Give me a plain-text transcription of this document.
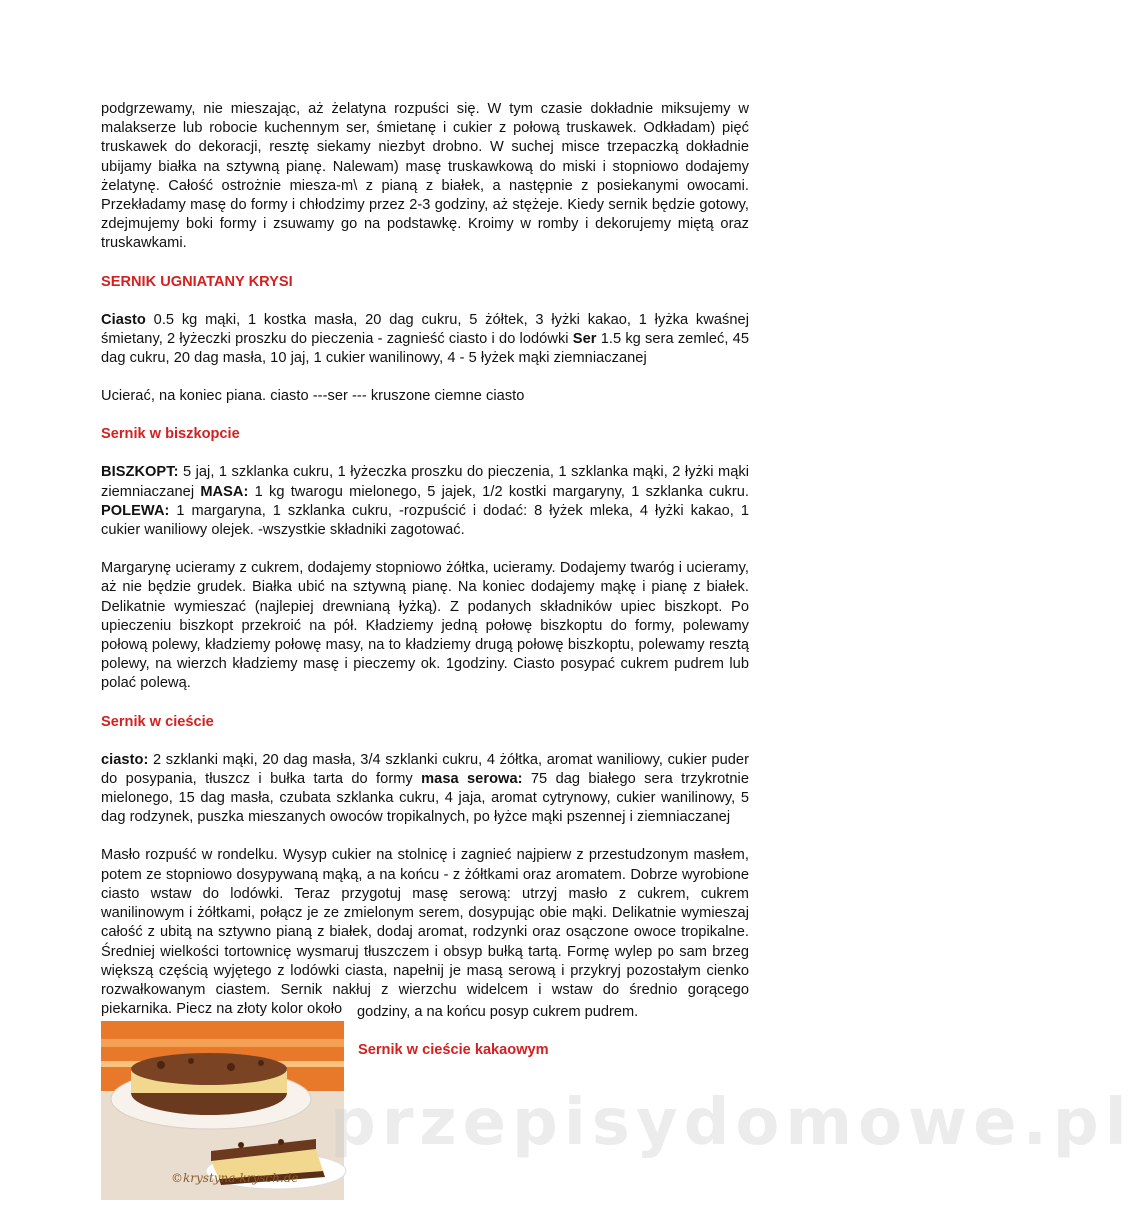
podgrzewamy, nie mieszając, aż żelatyna rozpuści się. W tym czasie dokładnie miksujemy w malakserze lub robocie kuchennym ser, śmietanę i cukier z połową truskawek. Odkładam) pięć truskawek do dekoracji, resztę siekamy niezbyt drobno. W suchej misce trzepaczką dokładnie ubijamy białka na sztywną pianę. Nalewam) masę truskawkową do miski i stopniowo dodajemy żelatynę. Całość ostrożnie miesza-m\ z pianą z białek, a następnie z posiekanymi owocami. Przekładamy masę do formy i chłodzimy przez 2-3 godziny, aż stężeje. Kiedy sernik będzie gotowy, zdejmujemy boki formy i zsuwamy go na podstawkę. Kroimy w romby i dekorujemy miętą oraz truskawkami.

SERNIK UGNIATANY KRYSI

Ciasto 0.5 kg mąki, 1 kostka masła, 20 dag cukru, 5 żółtek, 3 łyżki kakao, 1 łyżka kwaśnej śmietany, 2 łyżeczki proszku do pieczenia - zagnieść ciasto i do lodówki Ser 1.5 kg sera zemleć, 45 dag cukru, 20 dag masła, 10 jaj, 1 cukier wanilinowy, 4 - 5 łyżek mąki ziemniaczanej

Ucierać, na koniec piana. ciasto ---ser --- kruszone ciemne ciasto

Sernik w biszkopcie

BISZKOPT: 5 jaj, 1 szklanka cukru, 1 łyżeczka proszku do pieczenia, 1 szklanka mąki, 2 łyżki mąki ziemniaczanej MASA: 1 kg twarogu mielonego, 5 jajek, 1/2 kostki margaryny, 1 szklanka cukru. POLEWA: 1 margaryna, 1 szklanka cukru, -rozpuścić i dodać: 8 łyżek mleka, 4 łyżki kakao, 1 cukier waniliowy olejek. -wszystkie składniki zagotować.

Margarynę ucieramy z cukrem, dodajemy stopniowo żółtka, ucieramy. Dodajemy twaróg i ucieramy, aż nie będzie grudek. Białka ubić na sztywną pianę. Na koniec dodajemy mąkę i pianę z białek. Delikatnie wymieszać (najlepiej drewnianą łyżką). Z podanych składników upiec biszkopt. Po upieczeniu biszkopt przekroić na pół. Kładziemy jedną połowę biszkoptu do formy, polewamy połową polewy, kładziemy połowę masy, na to kładziemy drugą połowę biszkoptu, polewamy resztą polewy, na wierzch kładziemy masę i pieczemy ok. 1godziny. Ciasto posypać cukrem pudrem lub polać polewą.

Sernik w cieście

ciasto: 2 szklanki mąki, 20 dag masła, 3/4 szklanki cukru, 4 żółtka, aromat waniliowy, cukier puder do posypania, tłuszcz i bułka tarta do formy masa serowa: 75 dag białego sera trzykrotnie mielonego, 15 dag masła, czubata szklanka cukru, 4 jaja, aromat cytrynowy, cukier wanilinowy, 5 dag rodzynek, puszka mieszanych owoców tropikalnych, po łyżce mąki pszennej i ziemniaczanej

Masło rozpuść w rondelku. Wysyp cukier na stolnicę i zagnieć najpierw z przestudzonym masłem, potem ze stopniowo dosypywaną mąką, a na końcu - z żółtkami oraz aromatem. Dobrze wyrobione ciasto wstaw do lodówki. Teraz przygotuj masę serową: utrzyj masło z cukrem, cukrem wanilinowym i żółtkami, połącz je ze zmielonym serem, dosypując obie mąki. Delikatnie wymieszaj całość z ubitą na sztywno pianą z białek, dodaj aromat, rodzynki oraz osączone owoce tropikalne. Średniej wielkości tortownicę wysmaruj tłuszczem i obsyp bułką tartą. Formę wylep po sam brzeg większą częścią wyjętego z lodówki ciasta, napełnij je masą serową i przykryj pozostałym cienko rozwałkowanym ciastem. Sernik nakłuj z wierzchu widelcem i wstaw do średnio gorącego piekarnika. Piecz na złoty kolor około	godziny, a na końcu posyp cukrem pudrem.
Sernik w cieście kakaowym
©krystyna-krysch.de
przepisydomowe.pl
